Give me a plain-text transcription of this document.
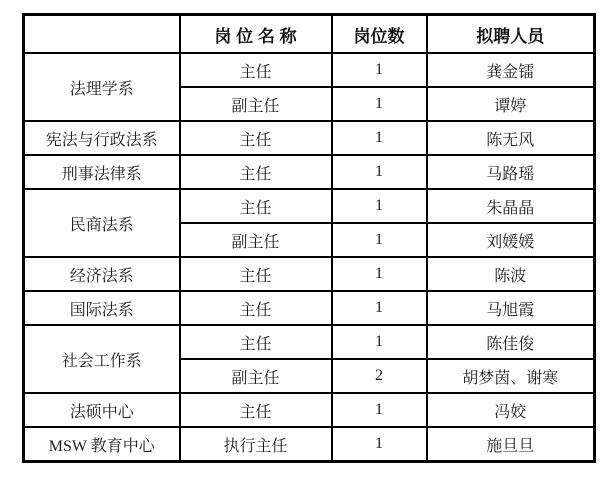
	岗 位 名 称	岗位数	拟聘人员
法理学系	主任	1	龚金镭
	副主任	1	谭婷
宪法与行政法系	主任	1	陈无风
刑事法律系	主任	1	马路瑶
民商法系	主任	1	朱晶晶
	副主任	1	刘媛媛
经济法系	主任	1	陈波
国际法系	主任	1	马旭霞
社会工作系	主任	1	陈佳俊
	副主任	2	胡梦茵、谢寒
法硕中心	主任	1	冯姣
MSW 教育中心	执行主任	1	施旦旦
